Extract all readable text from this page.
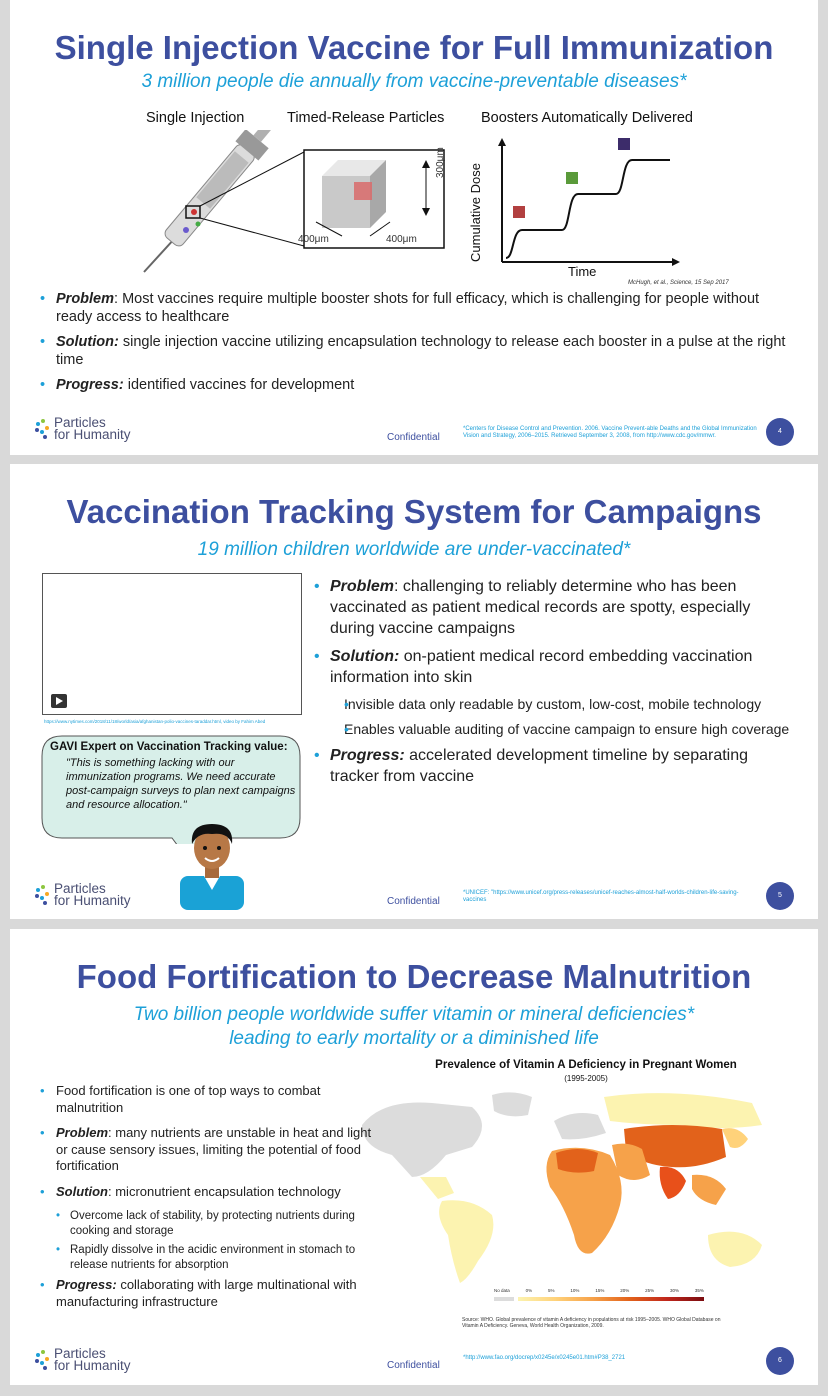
Single Injection Vaccine for Full Immunization
3 million people die annually from vaccine-preventable diseases*
Single Injection	Timed-Release Particles	Boosters Automatically Delivered
300μm
400μm	400μm	Cumulative Dose
Time
McHugh, et al., Science, 15 Sep 2017
• Problem: Most vaccines require multiple booster shots for full efficacy, which is challenging for people without ready access to healthcare
• Solution: single injection vaccine utilizing encapsulation technology to release each booster in a pulse at the right time
• Progress: identified vaccines for development
Particles
for Humanity	Confidential
*Centers for Disease Control and Prevention. 2006. Vaccine Prevent-able Deaths and the Global Immunization Vision and Strategy, 2006–2015. Retrieved September 3, 2008, from http://www.cdc.gov/mmwr.
4
Vaccination Tracking System for Campaigns
19 million children worldwide are under-vaccinated*
https://www.nytimes.com/2018/11/18/world/asia/afghanistan-polio-vaccines-taraddar.html, video by Fahim Abed
GAVI Expert on Vaccination Tracking value:
"This is something lacking with our immunization programs. We need accurate post-campaign surveys to plan next campaigns and resource allocation."
• Problem: challenging to reliably determine who has been vaccinated as patient medical records are spotty, especially during vaccine campaigns
• Solution: on-patient medical record embedding vaccination information into skin
• Invisible data only readable by custom, low-cost, mobile technology
• Enables valuable auditing of vaccine campaign to ensure high coverage
• Progress: accelerated development timeline by separating tracker from vaccine
Particles
for Humanity	Confidential
*UNICEF: "https://www.unicef.org/press-releases/unicef-reaches-almost-half-worlds-children-life-saving-vaccines
5
Food Fortification to Decrease Malnutrition
Two billion people worldwide suffer vitamin or mineral deficiencies*
leading to early mortality or a diminished life
Prevalence of Vitamin A Deficiency in Pregnant Women
(1995-2005)
No data	0%	5%	10%	15%	20%	25%	30%	35%
Source: WHO. Global prevalence of vitamin A deficiency in populations at risk 1995–2005. WHO Global Database on Vitamin A Deficiency. Geneva, World Health Organization, 2009.
• Food fortification is one of top ways to combat malnutrition
• Problem: many nutrients are unstable in heat and light or cause sensory issues, limiting the potential of food fortification
• Solution: micronutrient encapsulation technology
• Overcome lack of stability, by protecting nutrients during cooking and storage
• Rapidly dissolve in the acidic environment in stomach to release nutrients for absorption
• Progress: collaborating with large multinational with manufacturing infrastructure
Particles
for Humanity	Confidential
*http://www.fao.org/docrep/x0245e/x0245e01.htm#P38_2721	6
